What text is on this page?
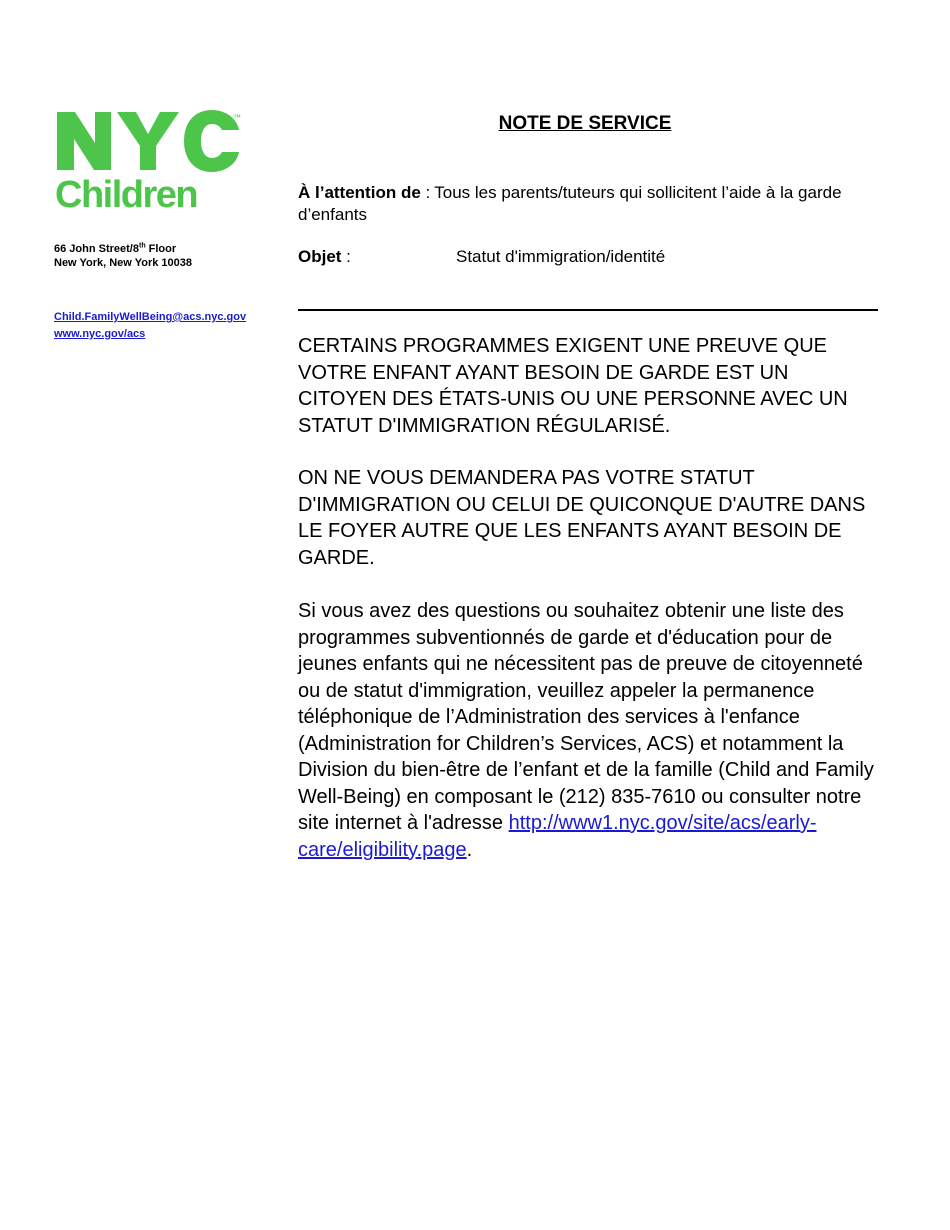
Children
™
66 John Street/8th Floor
New York, New York 10038
Child.FamilyWellBeing@acs.nyc.gov
www.nyc.gov/acs
NOTE DE SERVICE
À l’attention de : Tous les parents/tuteurs qui sollicitent l’aide à la garde d’enfants
Objet :	Statut d'immigration/identité

CERTAINS PROGRAMMES EXIGENT UNE PREUVE QUE VOTRE ENFANT AYANT BESOIN DE GARDE EST UN CITOYEN DES ÉTATS-UNIS OU UNE PERSONNE AVEC UN STATUT D'IMMIGRATION RÉGULARISÉ.

ON NE VOUS DEMANDERA PAS VOTRE STATUT D'IMMIGRATION OU CELUI DE QUICONQUE D'AUTRE DANS LE FOYER AUTRE QUE LES ENFANTS AYANT BESOIN DE GARDE.

Si vous avez des questions ou souhaitez obtenir une liste des programmes subventionnés de garde et d'éducation pour de jeunes enfants qui ne nécessitent pas de preuve de citoyenneté ou de statut d'immigration, veuillez appeler la permanence téléphonique de l’Administration des services à l'enfance (Administration for Children’s Services, ACS) et notamment la Division du bien-être de l’enfant et de la famille (Child and Family Well-Being) en composant le (212) 835-7610 ou consulter notre site internet à l'adresse http://www1.nyc.gov/site/acs/early-care/eligibility.page.
